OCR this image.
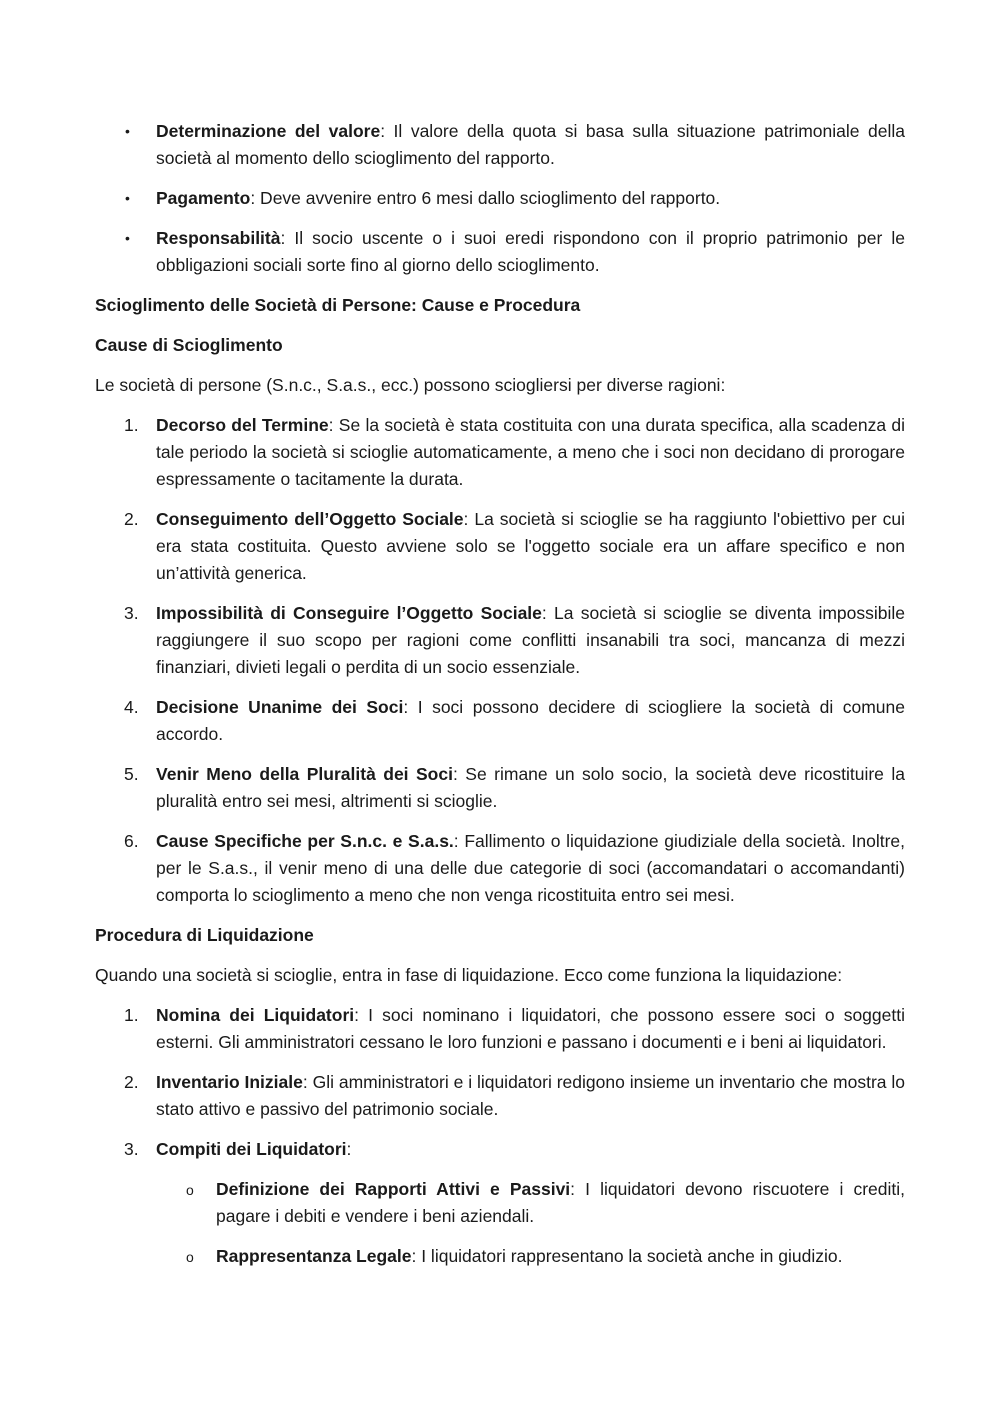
• Determinazione del valore: Il valore della quota si basa sulla situazione patrimoniale della società al momento dello scioglimento del rapporto.
• Pagamento: Deve avvenire entro 6 mesi dallo scioglimento del rapporto.
• Responsabilità: Il socio uscente o i suoi eredi rispondono con il proprio patrimonio per le obbligazioni sociali sorte fino al giorno dello scioglimento.

Scioglimento delle Società di Persone: Cause e Procedura

Cause di Scioglimento

Le società di persone (S.n.c., S.a.s., ecc.) possono sciogliersi per diverse ragioni:

1. Decorso del Termine: Se la società è stata costituita con una durata specifica, alla scadenza di tale periodo la società si scioglie automaticamente, a meno che i soci non decidano di prorogare espressamente o tacitamente la durata.
2. Conseguimento dell’Oggetto Sociale: La società si scioglie se ha raggiunto l'obiettivo per cui era stata costituita. Questo avviene solo se l'oggetto sociale era un affare specifico e non un’attività generica.
3. Impossibilità di Conseguire l’Oggetto Sociale: La società si scioglie se diventa impossibile raggiungere il suo scopo per ragioni come conflitti insanabili tra soci, mancanza di mezzi finanziari, divieti legali o perdita di un socio essenziale.
4. Decisione Unanime dei Soci: I soci possono decidere di sciogliere la società di comune accordo.
5. Venir Meno della Pluralità dei Soci: Se rimane un solo socio, la società deve ricostituire la pluralità entro sei mesi, altrimenti si scioglie.
6. Cause Specifiche per S.n.c. e S.a.s.: Fallimento o liquidazione giudiziale della società. Inoltre, per le S.a.s., il venir meno di una delle due categorie di soci (accomandatari o accomandanti) comporta lo scioglimento a meno che non venga ricostituita entro sei mesi.

Procedura di Liquidazione

Quando una società si scioglie, entra in fase di liquidazione. Ecco come funziona la liquidazione:

1. Nomina dei Liquidatori: I soci nominano i liquidatori, che possono essere soci o soggetti esterni. Gli amministratori cessano le loro funzioni e passano i documenti e i beni ai liquidatori.
2. Inventario Iniziale: Gli amministratori e i liquidatori redigono insieme un inventario che mostra lo stato attivo e passivo del patrimonio sociale.
3. Compiti dei Liquidatori:
o Definizione dei Rapporti Attivi e Passivi: I liquidatori devono riscuotere i crediti, pagare i debiti e vendere i beni aziendali.
o Rappresentanza Legale: I liquidatori rappresentano la società anche in giudizio.
